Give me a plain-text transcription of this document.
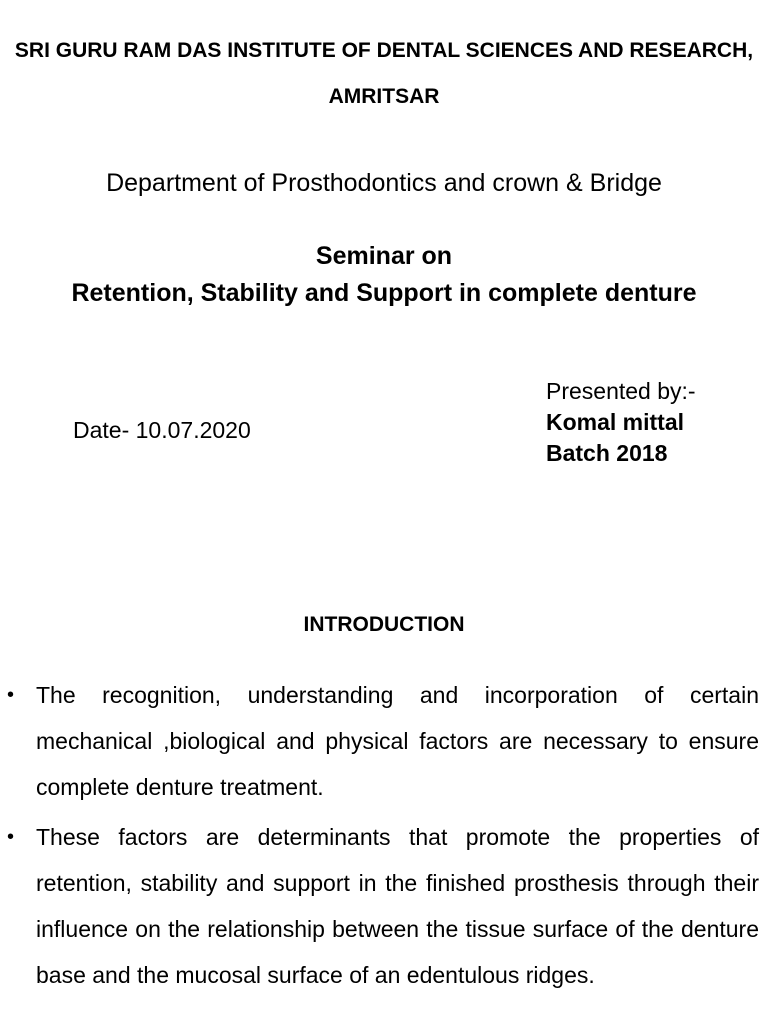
SRI GURU RAM DAS INSTITUTE OF DENTAL SCIENCES AND RESEARCH, AMRITSAR
Department of Prosthodontics and crown & Bridge
Seminar on
Retention, Stability and Support in complete denture
Date- 10.07.2020
Presented by:-
Komal mittal
Batch 2018
INTRODUCTION
• The recognition, understanding and incorporation of certain mechanical ,biological and physical factors are necessary to ensure complete denture treatment.
• These factors are determinants that promote the properties of retention, stability and support in the finished prosthesis through their influence on the relationship between the tissue surface of the denture base and the mucosal surface of an edentulous ridges.
